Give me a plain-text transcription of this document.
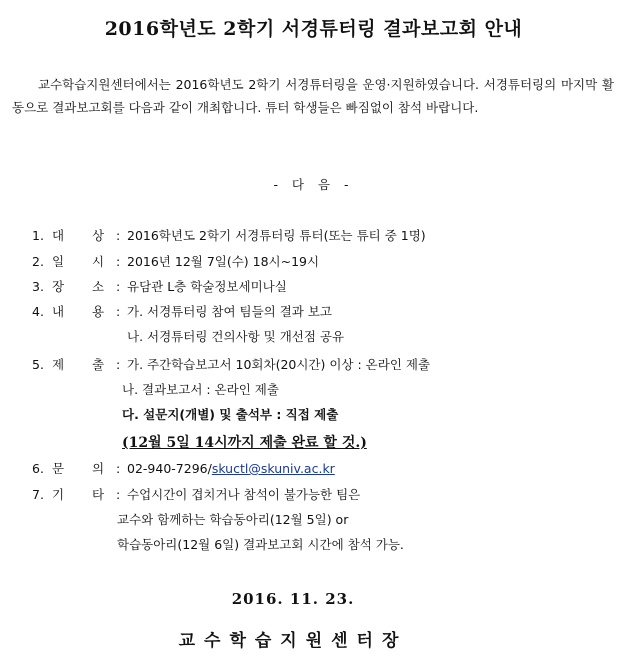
2016학년도 2학기 서경튜터링 결과보고회 안내

교수학습지원센터에서는 2016학년도 2학기 서경튜터링을 운영·지원하였습니다. 서경튜터링의 마지막 활동으로 결과보고회를 다음과 같이 개최합니다. 튜터 학생들은 빠짐없이 참석 바랍니다.

- 다 음 -
1. 대 상 : 2016학년도 2학기 서경튜터링 튜터(또는 튜티 중 1명)
2. 일 시 : 2016년 12월 7일(수) 18시~19시
3. 장 소 : 유담관 L층 학술정보세미나실
4. 내 용 : 가. 서경튜터링 참여 팀들의 결과 보고
나. 서경튜터링 건의사항 및 개선점 공유
5. 제 출 : 가. 주간학습보고서 10회차(20시간) 이상 : 온라인 제출
나. 결과보고서 : 온라인 제출
다. 설문지(개별) 및 출석부 : 직접 제출
(12월 5일 14시까지 제출 완료 할 것.)
6. 문 의 : 02-940-7296/skuctl@skuniv.ac.kr
7. 기 타 : 수업시간이 겹치거나 참석이 불가능한 팀은
교수와 함께하는 학습동아리(12월 5일) or
학습동아리(12월 6일) 결과보고회 시간에 참석 가능.
2016. 11. 23.
교수학습지원센터장
